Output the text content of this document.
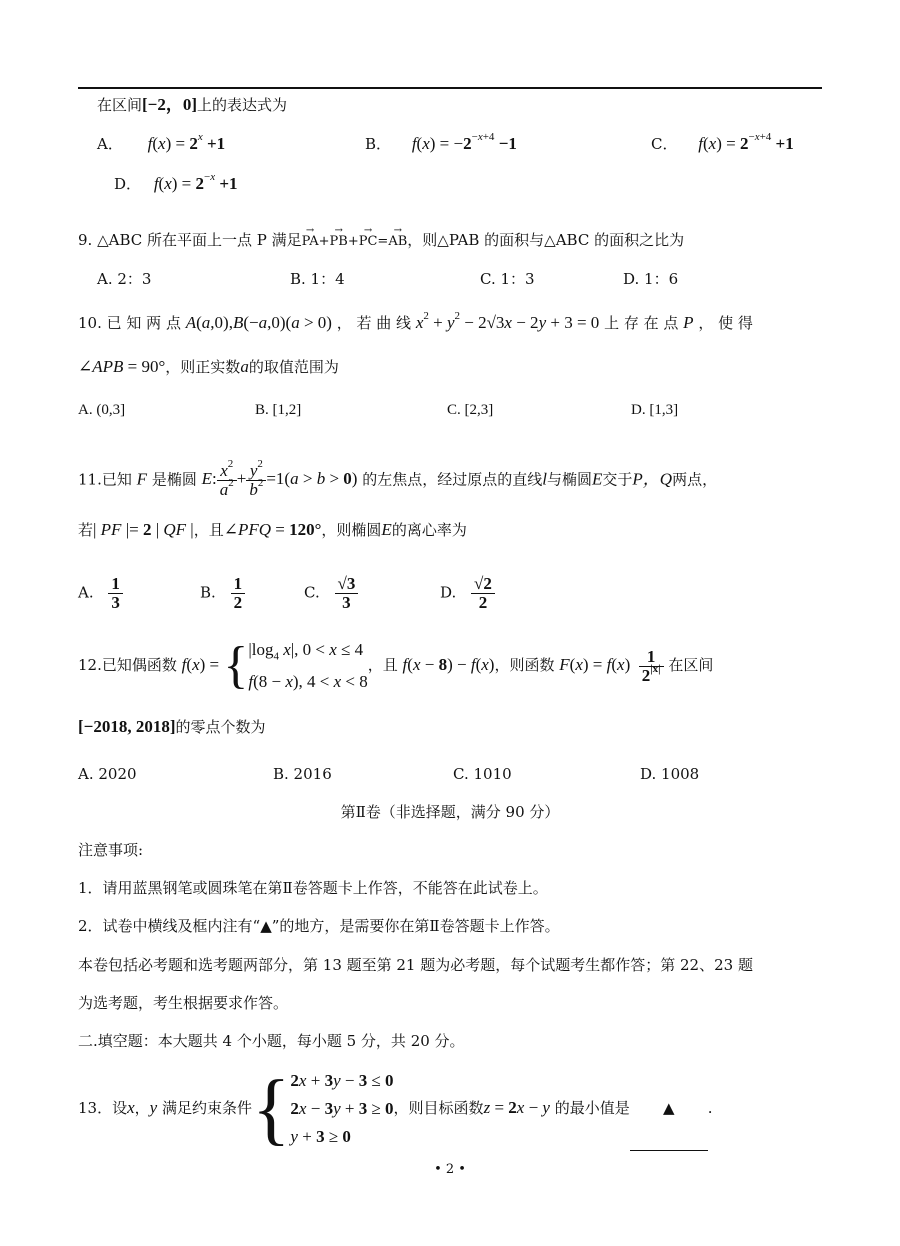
在区间[−2，0]上的表达式为
A． $f(x) = 2^x +1$	B． $f(x) = -2^{-x+4} -1$	C． $f(x) = 2^{-x+4} +1$
D． $f(x) = 2^{-x} +1$
9. △ABC 所在平面上一点 P 满足→ PA+→ PB+→ PC=→ AB，则△PAB 的面积与△ABC 的面积之比为
A. 2：3	B. 1：4	C. 1：3	D. 1：6
10. 已 知 两 点 A(a,0),B(−a,0)(a > 0) ， 若 曲 线 $x^2 + y^2 - 2√3x - 2y + 3 = 0$ 上 存 在 点 P ， 使 得
∠APB = 90°，则正实数a的取值范围为
A. (0,3]	B. [1,2]	C. [2,3]	D. [1,3]
11.已知 F 是椭圆 E: $\frac{x^2}{a^2} + \frac{y^2}{b^2} =1(a > b > 0)$ 的左焦点，经过原点的直线l与椭圆E交于P，Q两点，
若| PF |= 2 | QF |，且∠PFQ = 120°，则椭圆E的离心率为
A. $\frac{1}{3}$	B. $\frac{1}{2}$	C. $\frac{√3}{3}$	D. $\frac{√2}{2}$
12.已知偶函数 f(x) = { $|\log_4$ x|, 0 < x ≤ 4
f(8 − x), 4 < x < 8
，且 f(x − 8) − f(x)，则函数 $F(x) = f(x) \frac{1}{2^{|x|}}$ 在区间
[−2018, 2018]的零点个数为
A. 2020	B. 2016	C. 1010	D. 1008
第Ⅱ卷（非选择题，满分 90 分）
注意事项:
1．请用蓝黑钢笔或圆珠笔在第Ⅱ卷答题卡上作答，不能答在此试卷上。
2．试卷中横线及框内注有“▲”的地方，是需要你在第Ⅱ卷答题卡上作答。
本卷包括必考题和选考题两部分，第 13 题至第 21 题为必考题，每个试题考生都作答；第 22、23 题
为选考题，考生根据要求作答。
二.填空题：本大题共 4 个小题，每小题 5 分，共 20 分。
13．设x，y 满足约束条件{ 2x + 3y − 3 ≤ 0
2x − 3y + 3 ≥ 0
y + 3 ≥ 0
，则目标函数z = 2x − y 的最小值是 ▲ .
• 2 •
